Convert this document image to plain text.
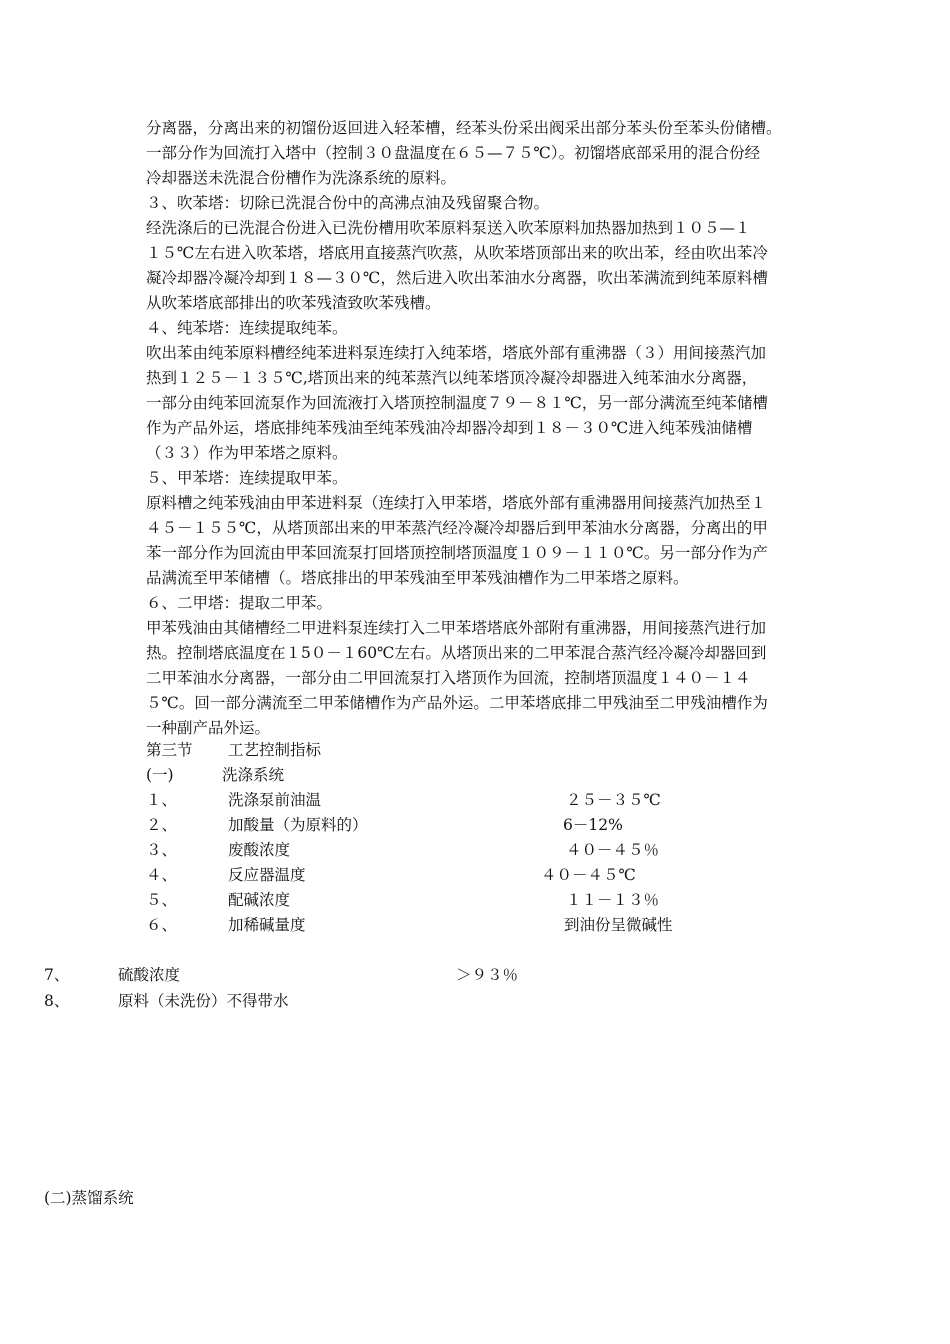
分离器，分离出来的初馏份返回进入轻苯槽，经苯头份采出阀采出部分苯头份至苯头份储槽。
一部分作为回流打入塔中（控制３０盘温度在６５—７５℃）。初馏塔底部采用的混合份经
冷却器送未洗混合份槽作为洗涤系统的原料。
３、吹苯塔：切除已洗混合份中的高沸点油及残留聚合物。
经洗涤后的已洗混合份进入已洗份槽用吹苯原料泵送入吹苯原料加热器加热到１０５—１
１５℃左右进入吹苯塔，塔底用直接蒸汽吹蒸，从吹苯塔顶部出来的吹出苯，经由吹出苯冷
凝冷却器冷凝冷却到１８—３０℃，然后进入吹出苯油水分离器，吹出苯满流到纯苯原料槽
从吹苯塔底部排出的吹苯残渣致吹苯残槽。
４、纯苯塔：连续提取纯苯。
吹出苯由纯苯原料槽经纯苯进料泵连续打入纯苯塔，塔底外部有重沸器（３）用间接蒸汽加
热到１２５－１３５℃,塔顶出来的纯苯蒸汽以纯苯塔顶冷凝冷却器进入纯苯油水分离器，
一部分由纯苯回流泵作为回流液打入塔顶控制温度７９－８１℃，另一部分满流至纯苯储槽
作为产品外运，塔底排纯苯残油至纯苯残油冷却器冷却到１８－３０℃进入纯苯残油储槽
（３３）作为甲苯塔之原料。
５、甲苯塔：连续提取甲苯。
原料槽之纯苯残油由甲苯进料泵（连续打入甲苯塔，塔底外部有重沸器用间接蒸汽加热至１
４５－１５５℃，从塔顶部出来的甲苯蒸汽经冷凝冷却器后到甲苯油水分离器，分离出的甲
苯一部分作为回流由甲苯回流泵打回塔顶控制塔顶温度１０９－１１０℃。另一部分作为产
品满流至甲苯储槽（。塔底排出的甲苯残油至甲苯残油槽作为二甲苯塔之原料。
６、二甲塔：提取二甲苯。
甲苯残油由其储槽经二甲进料泵连续打入二甲苯塔塔底外部附有重沸器，用间接蒸汽进行加
热。控制塔底温度在１5０－１60℃左右。从塔顶出来的二甲苯混合蒸汽经冷凝冷却器回到
二甲苯油水分离器，一部分由二甲回流泵打入塔顶作为回流，控制塔顶温度１４０－１４
５℃。回一部分满流至二甲苯储槽作为产品外运。二甲苯塔底排二甲残油至二甲残油槽作为
一种副产品外运。

第三节 工艺控制指标
(一)	洗涤系统
１、	洗涤泵前油温	２５－３５℃
２、	加酸量（为原料的）	6－12%
３、	废酸浓度	４０－４５％
４、	反应器温度	４０－４５℃
５、	配碱浓度	１１－１３％
６、	加稀碱量度	到油份呈微碱性
7、	硫酸浓度	＞９３％
8、	原料（未洗份）不得带水
(二)蒸馏系统
